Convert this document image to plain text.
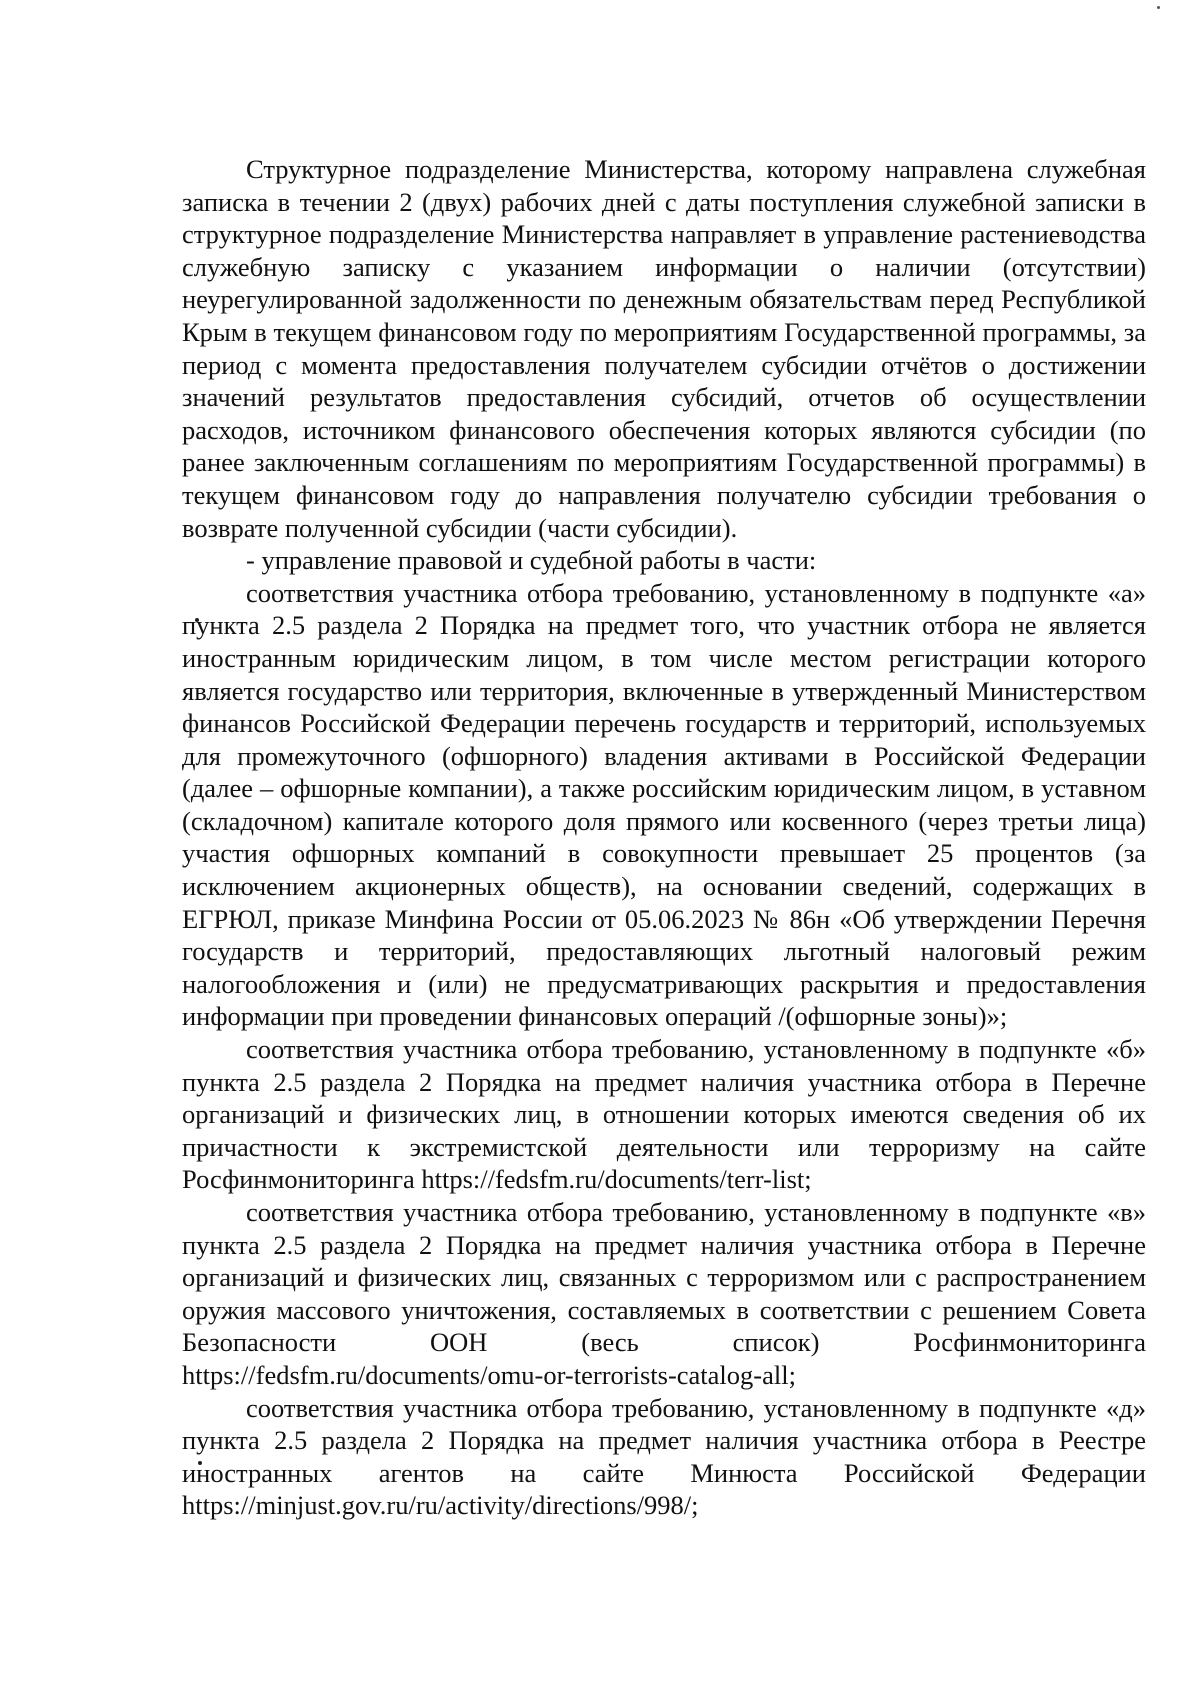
Структурное подразделение Министерства, которому направлена служебная записка в течении 2 (двух) рабочих дней с даты поступления служебной записки в структурное подразделение Министерства направляет в управление растениеводства служебную записку с указанием информации о наличии (отсутствии) неурегулированной задолженности по денежным обязательствам перед Республикой Крым в текущем финансовом году по мероприятиям Государственной программы, за период с момента предоставления получателем субсидии отчётов о достижении значений результатов предоставления субсидий, отчетов об осуществлении расходов, источником финансового обеспечения которых являются субсидии (по ранее заключенным соглашениям по мероприятиям Государственной программы) в текущем финансовом году до направления получателю субсидии требования о возврате полученной субсидии (части субсидии).

- управление правовой и судебной работы в части:

соответствия участника отбора требованию, установленному в подпункте «а» пункта 2.5 раздела 2 Порядка на предмет того, что участник отбора не является иностранным юридическим лицом, в том числе местом регистрации которого является государство или территория, включенные в утвержденный Министерством финансов Российской Федерации перечень государств и территорий, используемых для промежуточного (офшорного) владения активами в Российской Федерации (далее – офшорные компании), а также российским юридическим лицом, в уставном (складочном) капитале которого доля прямого или косвенного (через третьи лица) участия офшорных компаний в совокупности превышает 25 процентов (за исключением акционерных обществ), на основании сведений, содержащих в ЕГРЮЛ, приказе Минфина России от 05.06.2023 № 86н «Об утверждении Перечня государств и территорий, предоставляющих льготный налоговый режим налогообложения и (или) не предусматривающих раскрытия и предоставления информации при проведении финансовых операций /(офшорные зоны)»;

соответствия участника отбора требованию, установленному в подпункте «б» пункта 2.5 раздела 2 Порядка на предмет наличия участника отбора в Перечне организаций и физических лиц, в отношении которых имеются сведения об их причастности к экстремистской деятельности или терроризму на сайте Росфинмониторинга https://fedsfm.ru/documents/terr-list;

соответствия участника отбора требованию, установленному в подпункте «в» пункта 2.5 раздела 2 Порядка на предмет наличия участника отбора в Перечне организаций и физических лиц, связанных с терроризмом или с распространением оружия массового уничтожения, составляемых в соответствии с решением Совета Безопасности ООН (весь список) Росфинмониторинга https://fedsfm.ru/documents/omu-or-terrorists-catalog-all;

соответствия участника отбора требованию, установленному в подпункте «д» пункта 2.5 раздела 2 Порядка на предмет наличия участника отбора в Реестре иностранных агентов на сайте Минюста Российской Федерации https://minjust.gov.ru/ru/activity/directions/998/;
